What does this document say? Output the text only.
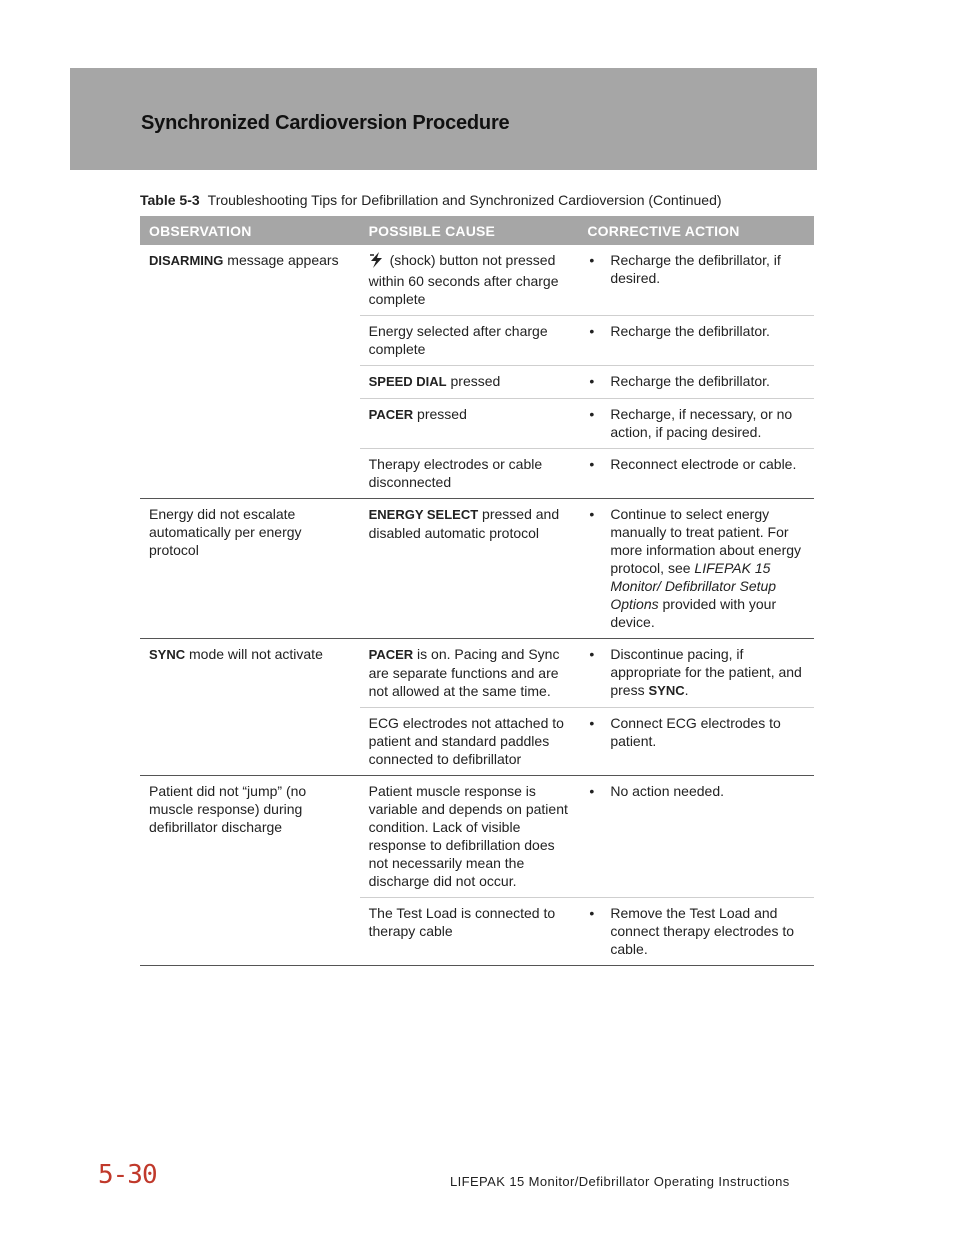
Synchronized Cardioversion Procedure
Table 5-3 Troubleshooting Tips for Defibrillation and Synchronized Cardioversion (Continued)
OBSERVATION	POSSIBLE CAUSE	CORRECTIVE ACTION
DISARMING message appears	(shock) button not pressed within 60 seconds after charge complete	• Recharge the defibrillator, if desired.

	Energy selected after charge complete	• Recharge the defibrillator.

	SPEED DIAL pressed	• Recharge the defibrillator.

	PACER pressed	• Recharge, if necessary, or no action, if pacing desired.

	Therapy electrodes or cable disconnected	• Reconnect electrode or cable.

Energy did not escalate automatically per energy protocol	ENERGY SELECT pressed and disabled automatic protocol	• Continue to select energy manually to treat patient. For more information about energy protocol, see LIFEPAK 15 Monitor/ Defibrillator Setup Options provided with your device.

SYNC mode will not activate	PACER is on. Pacing and Sync are separate functions and are not allowed at the same time.	• Discontinue pacing, if appropriate for the patient, and press SYNC.

	ECG electrodes not attached to patient and standard paddles connected to defibrillator	• Connect ECG electrodes to patient.

Patient did not “jump” (no muscle response) during defibrillator discharge	Patient muscle response is variable and depends on patient condition. Lack of visible response to defibrillation does not necessarily mean the discharge did not occur.	• No action needed.

	The Test Load is connected to therapy cable	• Remove the Test Load and connect therapy electrodes to cable.
5-30	LIFEPAK 15 Monitor/Defibrillator Operating Instructions
